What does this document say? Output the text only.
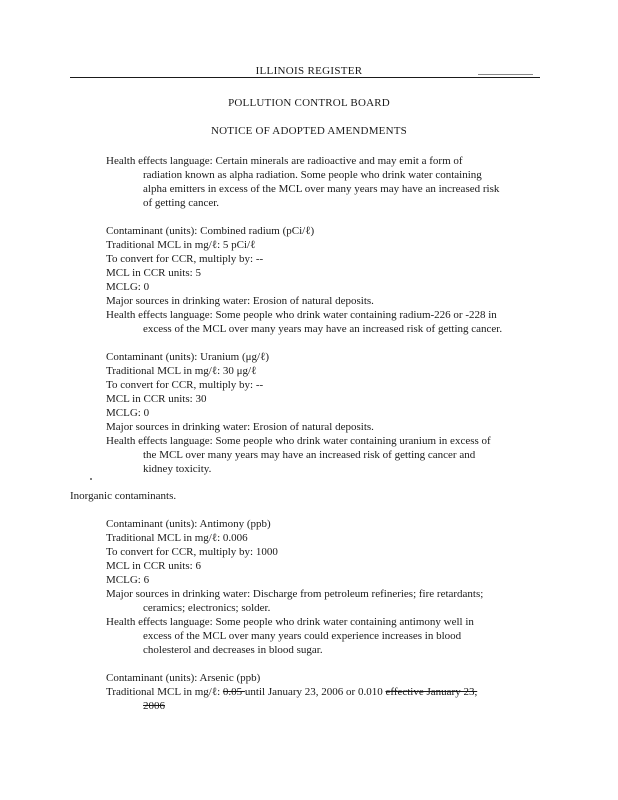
ILLINOIS REGISTER
POLLUTION CONTROL BOARD
NOTICE OF ADOPTED AMENDMENTS
Health effects language: Certain minerals are radioactive and may emit a form of
radiation known as alpha radiation. Some people who drink water containing
alpha emitters in excess of the MCL over many years may have an increased risk
of getting cancer.
Contaminant (units): Combined radium (pCi/ℓ)
Traditional MCL in mg/ℓ: 5 pCi/ℓ
To convert for CCR, multiply by: --
MCL in CCR units: 5
MCLG: 0
Major sources in drinking water: Erosion of natural deposits.
Health effects language: Some people who drink water containing radium-226 or -228 in
excess of the MCL over many years may have an increased risk of getting cancer.
Contaminant (units): Uranium (μg/ℓ)
Traditional MCL in mg/ℓ: 30 μg/ℓ
To convert for CCR, multiply by: --
MCL in CCR units: 30
MCLG: 0
Major sources in drinking water: Erosion of natural deposits.
Health effects language: Some people who drink water containing uranium in excess of
the MCL over many years may have an increased risk of getting cancer and
kidney toxicity.
Inorganic contaminants.
Contaminant (units): Antimony (ppb)
Traditional MCL in mg/ℓ: 0.006
To convert for CCR, multiply by: 1000
MCL in CCR units: 6
MCLG: 6
Major sources in drinking water: Discharge from petroleum refineries; fire retardants;
ceramics; electronics; solder.
Health effects language: Some people who drink water containing antimony well in
excess of the MCL over many years could experience increases in blood
cholesterol and decreases in blood sugar.
Contaminant (units): Arsenic (ppb)
Traditional MCL in mg/ℓ: 0.05 until January 23, 2006 or 0.010 effective January 23,
2006
